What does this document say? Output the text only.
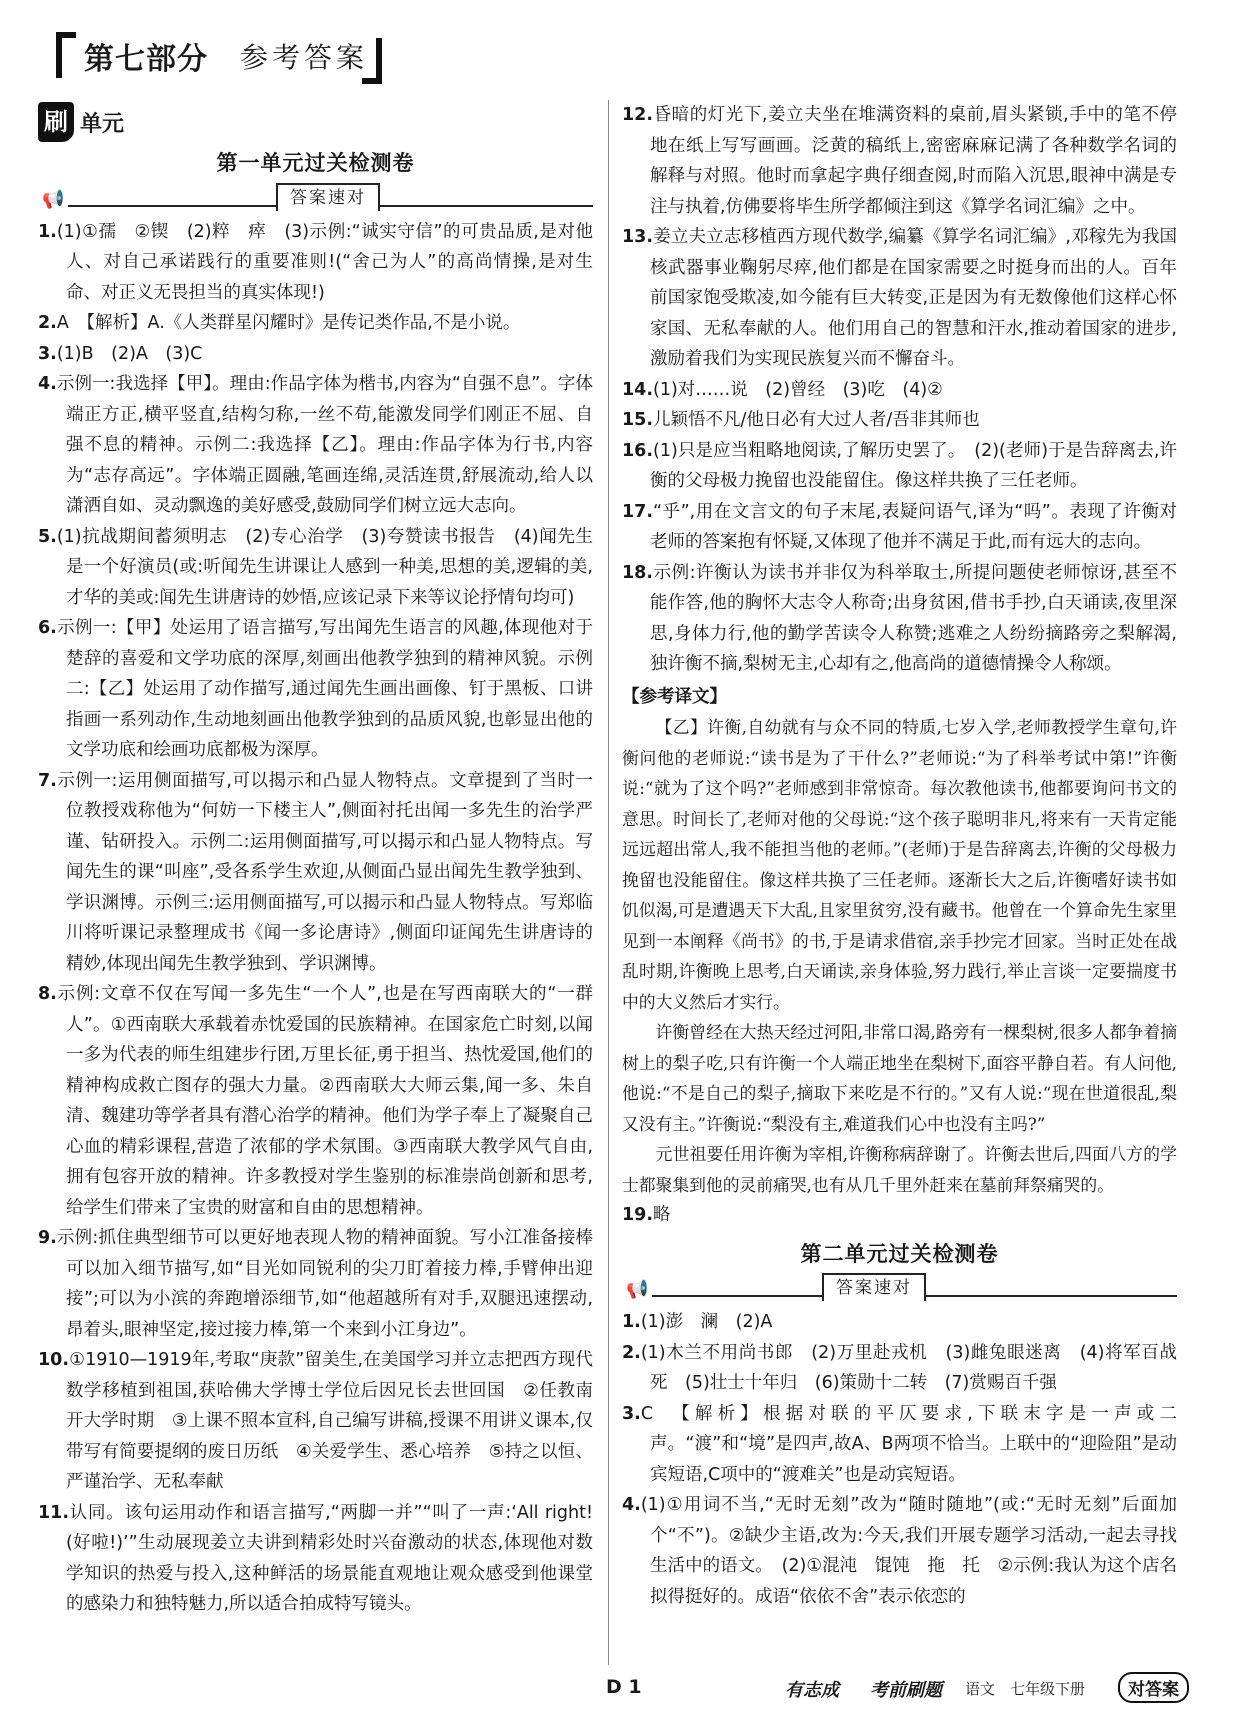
第七部分 参考答案
刷 单元
第一单元过关检测卷
📢	答案速对

1.(1)①孺　②锲　(2)粹　瘁　(3)示例:“诚实守信”的可贵品质,是对他人、对自己承诺践行的重要准则!(“舍己为人”的高尚情操,是对生命、对正义无畏担当的真实体现!)

2.A　【解析】A.《人类群星闪耀时》是传记类作品,不是小说。

3.(1)B　(2)A　(3)C

4.示例一:我选择【甲】。理由:作品字体为楷书,内容为“自强不息”。字体端正方正,横平竖直,结构匀称,一丝不苟,能激发同学们刚正不屈、自强不息的精神。示例二:我选择【乙】。理由:作品字体为行书,内容为“志存高远”。字体端正圆融,笔画连绵,灵活连贯,舒展流动,给人以潇洒自如、灵动飘逸的美好感受,鼓励同学们树立远大志向。

5.(1)抗战期间蓄须明志　(2)专心治学　(3)夸赞读书报告　(4)闻先生是一个好演员(或:听闻先生讲课让人感到一种美,思想的美,逻辑的美,才华的美或:闻先生讲唐诗的妙悟,应该记录下来等议论抒情句均可)

6.示例一:【甲】处运用了语言描写,写出闻先生语言的风趣,体现他对于楚辞的喜爱和文学功底的深厚,刻画出他教学独到的精神风貌。示例二:【乙】处运用了动作描写,通过闻先生画出画像、钉于黑板、口讲指画一系列动作,生动地刻画出他教学独到的品质风貌,也彰显出他的文学功底和绘画功底都极为深厚。

7.示例一:运用侧面描写,可以揭示和凸显人物特点。文章提到了当时一位教授戏称他为“何妨一下楼主人”,侧面衬托出闻一多先生的治学严谨、钻研投入。示例二:运用侧面描写,可以揭示和凸显人物特点。写闻先生的课“叫座”,受各系学生欢迎,从侧面凸显出闻先生教学独到、学识渊博。示例三:运用侧面描写,可以揭示和凸显人物特点。写郑临川将听课记录整理成书《闻一多论唐诗》,侧面印证闻先生讲唐诗的精妙,体现出闻先生教学独到、学识渊博。

8.示例:文章不仅在写闻一多先生“一个人”,也是在写西南联大的“一群人”。①西南联大承载着赤忱爱国的民族精神。在国家危亡时刻,以闻一多为代表的师生组建步行团,万里长征,勇于担当、热忱爱国,他们的精神构成救亡图存的强大力量。②西南联大大师云集,闻一多、朱自清、魏建功等学者具有潜心治学的精神。他们为学子奉上了凝聚自己心血的精彩课程,营造了浓郁的学术氛围。③西南联大教学风气自由,拥有包容开放的精神。许多教授对学生鉴别的标准崇尚创新和思考,给学生们带来了宝贵的财富和自由的思想精神。

9.示例:抓住典型细节可以更好地表现人物的精神面貌。写小江准备接棒可以加入细节描写,如“目光如同锐利的尖刀盯着接力棒,手臂伸出迎接”;可以为小滨的奔跑增添细节,如“他超越所有对手,双腿迅速摆动,昂着头,眼神坚定,接过接力棒,第一个来到小江身边”。

10.①1910—1919年,考取“庚款”留美生,在美国学习并立志把西方现代数学移植到祖国,获哈佛大学博士学位后因兄长去世回国　②任教南开大学时期　③上课不照本宣科,自己编写讲稿,授课不用讲义课本,仅带写有简要提纲的废日历纸　④关爱学生、悉心培养　⑤持之以恒、严谨治学、无私奉献

11.认同。该句运用动作和语言描写,“两脚一并”“叫了一声:‘All right!(好啦!)’”生动展现姜立夫讲到精彩处时兴奋激动的状态,体现他对数学知识的热爱与投入,这种鲜活的场景能直观地让观众感受到他课堂的感染力和独特魅力,所以适合拍成特写镜头。

12.昏暗的灯光下,姜立夫坐在堆满资料的桌前,眉头紧锁,手中的笔不停地在纸上写写画画。泛黄的稿纸上,密密麻麻记满了各种数学名词的解释与对照。他时而拿起字典仔细查阅,时而陷入沉思,眼神中满是专注与执着,仿佛要将毕生所学都倾注到这《算学名词汇编》之中。

13.姜立夫立志移植西方现代数学,编纂《算学名词汇编》,邓稼先为我国核武器事业鞠躬尽瘁,他们都是在国家需要之时挺身而出的人。百年前国家饱受欺凌,如今能有巨大转变,正是因为有无数像他们这样心怀家国、无私奉献的人。他们用自己的智慧和汗水,推动着国家的进步,激励着我们为实现民族复兴而不懈奋斗。

14.(1)对……说　(2)曾经　(3)吃　(4)②

15.儿颖悟不凡/他日必有大过人者/吾非其师也

16.(1)只是应当粗略地阅读,了解历史罢了。　(2)(老师)于是告辞离去,许衡的父母极力挽留也没能留住。像这样共换了三任老师。

17.“乎”,用在文言文的句子末尾,表疑问语气,译为“吗”。表现了许衡对老师的答案抱有怀疑,又体现了他并不满足于此,而有远大的志向。

18.示例:许衡认为读书并非仅为科举取士,所提问题使老师惊讶,甚至不能作答,他的胸怀大志令人称奇;出身贫困,借书手抄,白天诵读,夜里深思,身体力行,他的勤学苦读令人称赞;逃难之人纷纷摘路旁之梨解渴,独许衡不摘,梨树无主,心却有之,他高尚的道德情操令人称颂。

【参考译文】

【乙】许衡,自幼就有与众不同的特质,七岁入学,老师教授学生章句,许衡问他的老师说:“读书是为了干什么?”老师说:“为了科举考试中第!”许衡说:“就为了这个吗?”老师感到非常惊奇。每次教他读书,他都要询问书文的意思。时间长了,老师对他的父母说:“这个孩子聪明非凡,将来有一天肯定能远远超出常人,我不能担当他的老师。”(老师)于是告辞离去,许衡的父母极力挽留也没能留住。像这样共换了三任老师。逐渐长大之后,许衡嗜好读书如饥似渴,可是遭遇天下大乱,且家里贫穷,没有藏书。他曾在一个算命先生家里见到一本阐释《尚书》的书,于是请求借宿,亲手抄完才回家。当时正处在战乱时期,许衡晚上思考,白天诵读,亲身体验,努力践行,举止言谈一定要揣度书中的大义然后才实行。

许衡曾经在大热天经过河阳,非常口渴,路旁有一棵梨树,很多人都争着摘树上的梨子吃,只有许衡一个人端正地坐在梨树下,面容平静自若。有人问他,他说:“不是自己的梨子,摘取下来吃是不行的。”又有人说:“现在世道很乱,梨又没有主。”许衡说:“梨没有主,难道我们心中也没有主吗?”

元世祖要任用许衡为宰相,许衡称病辞谢了。许衡去世后,四面八方的学士都聚集到他的灵前痛哭,也有从几千里外赶来在墓前拜祭痛哭的。

19.略

第二单元过关检测卷
📢	答案速对

1.(1)澎　澜　(2)A

2.(1)木兰不用尚书郎　(2)万里赴戎机　(3)雌兔眼迷离　(4)将军百战死　(5)壮士十年归　(6)策勋十二转　(7)赏赐百千强

3.C　【解析】根据对联的平仄要求,下联末字是一声或二声。“渡”和“境”是四声,故A、B两项不恰当。上联中的“迎险阻”是动宾短语,C项中的“渡难关”也是动宾短语。

4.(1)①用词不当,“无时无刻”改为“随时随地”(或:“无时无刻”后面加个“不”)。②缺少主语,改为:今天,我们开展专题学习活动,一起去寻找生活中的语文。　(2)①混沌　馄饨　拖　托　②示例:我认为这个店名拟得挺好的。成语“依依不舍”表示依恋的

D 1	有志成 考前刷题 语文　七年级下册	对答案
